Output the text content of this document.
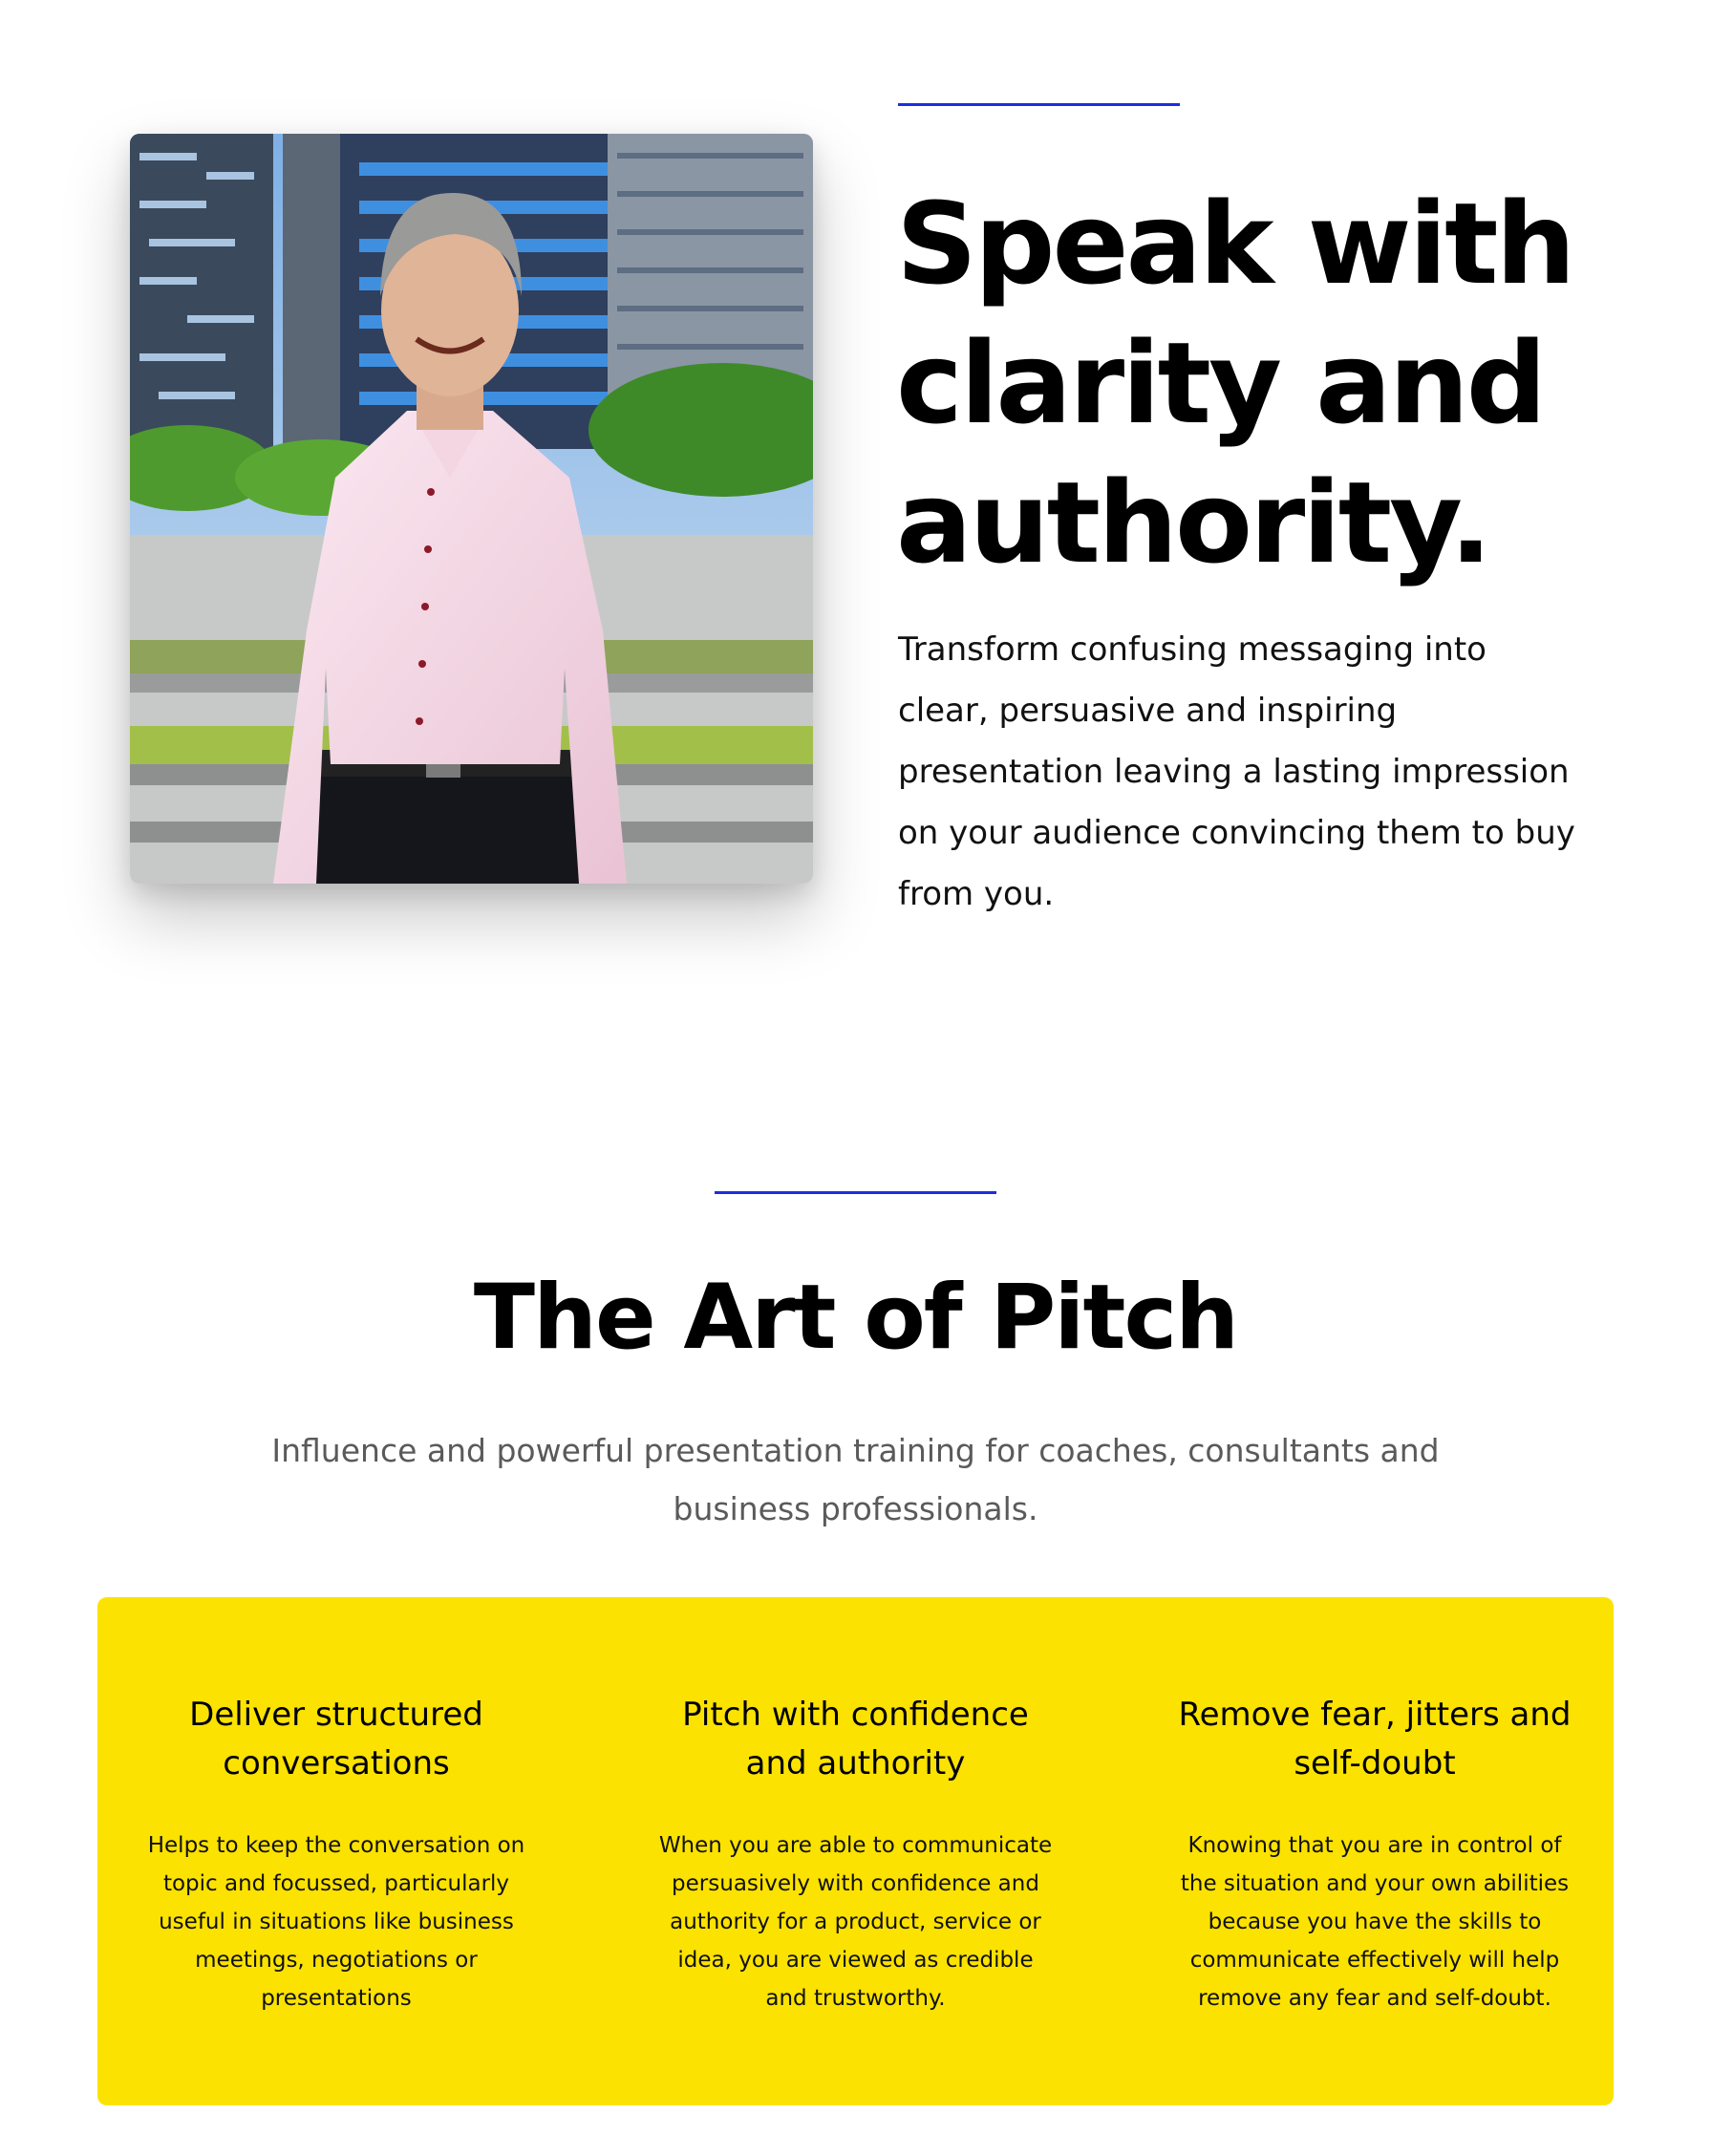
Speak with clarity and authority.

Transform confusing messaging into clear, persuasive and inspiring presentation leaving a lasting impression on your audience convincing them to buy from you.

The Art of Pitch

Influence and powerful presentation training for coaches, consultants and business professionals.

Deliver structured conversations

Helps to keep the conversation on topic and focussed, particularly useful in situations like business meetings, negotiations or presentations

Pitch with confidence and authority

When you are able to communicate persuasively with confidence and authority for a product, service or idea, you are viewed as credible and trustworthy.

Remove fear, jitters and self-doubt

Knowing that you are in control of the situation and your own abilities because you have the skills to communicate effectively will help remove any fear and self-doubt.
